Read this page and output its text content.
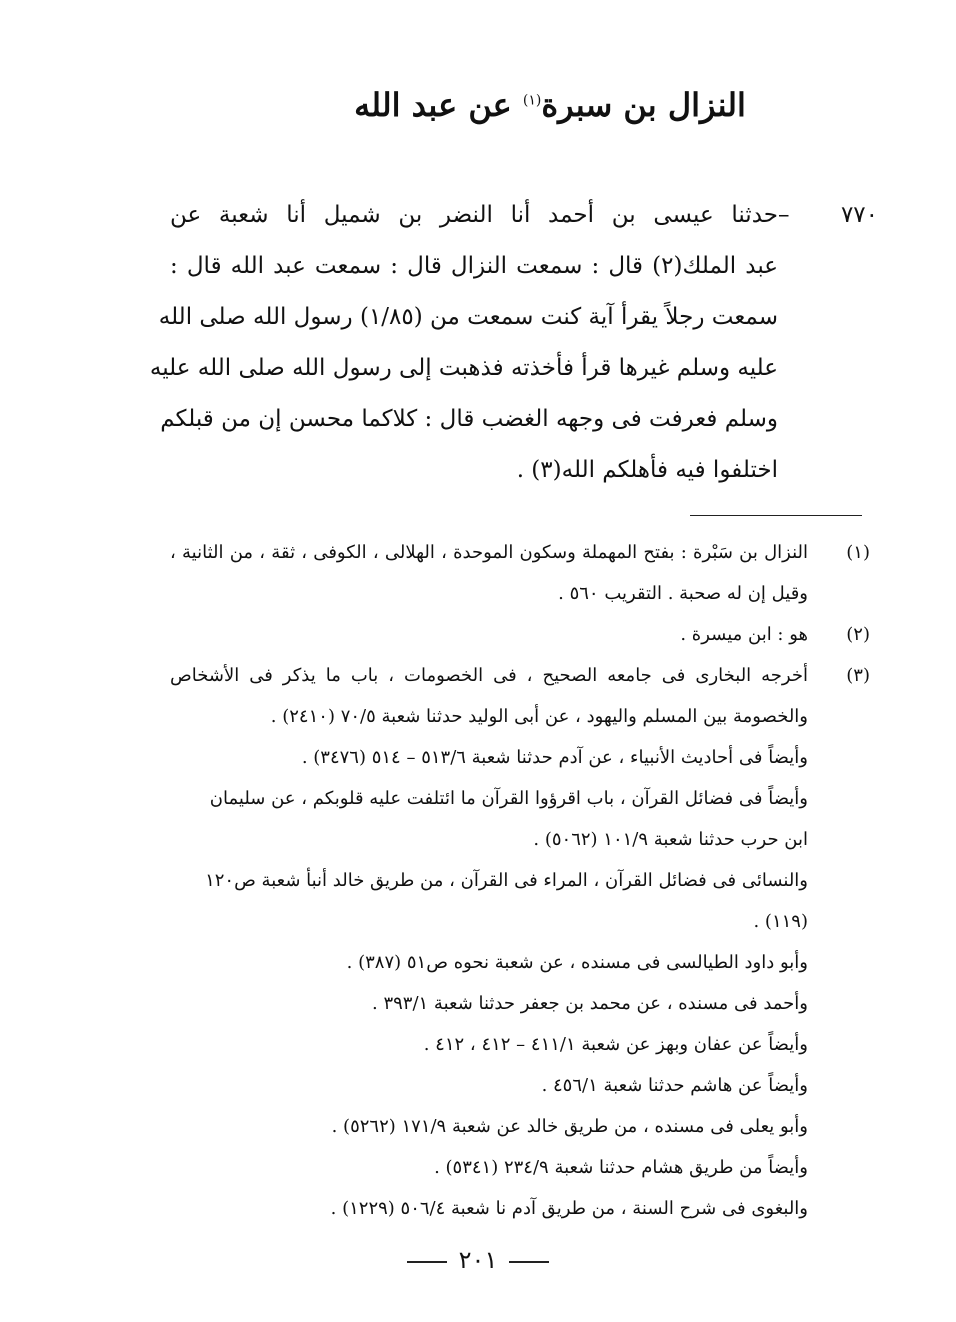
النزال بن سبرة$^{(١)}$ عن عبد الله
٧٧٠ –
حدثنا عيسى بن أحمد أنا النضر بن شميل أنا شعبة عن
عبد الملك(٢) قال : سمعت النزال قال : سمعت عبد الله قال :
سمعت رجلاً يقرأ آية كنت سمعت من (١/٨٥) رسول الله صلى الله
عليه وسلم غيرها قرأ فأخذته فذهبت إلى رسول الله صلى الله عليه
وسلم فعرفت فى وجهه الغضب قال : كلاكما محسن إن من قبلكم
اختلفوا فيه فأهلكم الله(٣) .
(١)النزال بن سَبْرة : بفتح المهملة وسكون الموحدة ، الهلالى ، الكوفى ، ثقة ، من الثانية ،
وقيل إن له صحبة . التقريب ٥٦٠ .
(٢)هو : ابن ميسرة .
(٣)أخرجه البخارى فى جامعه الصحيح ، فى الخصومات ، باب ما يذكر فى الأشخاص
والخصومة بين المسلم واليهود ، عن أبى الوليد حدثنا شعبة ٧٠/٥ (٢٤١٠) .
وأيضاً فى أحاديث الأنبياء ، عن آدم حدثنا شعبة ٥١٣/٦ – ٥١٤ (٣٤٧٦) .
وأيضاً فى فضائل القرآن ، باب اقرؤوا القرآن ما ائتلفت عليه قلوبكم ، عن سليمان
ابن حرب حدثنا شعبة ١٠١/٩ (٥٠٦٢) .
والنسائى فى فضائل القرآن ، المراء فى القرآن ، من طريق خالد أنبأ شعبة ص١٢٠
(١١٩) .
وأبو داود الطيالسى فى مسنده ، عن شعبة نحوه ص٥١ (٣٨٧) .
وأحمد فى مسنده ، عن محمد بن جعفر حدثنا شعبة ٣٩٣/١ .
وأيضاً عن عفان وبهز عن شعبة ٤١١/١ – ٤١٢ ، ٤١٢ .
وأيضاً عن هاشم حدثنا شعبة ٤٥٦/١ .
وأبو يعلى فى مسنده ، من طريق خالد عن شعبة ١٧١/٩ (٥٢٦٢) .
وأيضاً من طريق هشام حدثنا شعبة ٢٣٤/٩ (٥٣٤١) .
والبغوى فى شرح السنة ، من طريق آدم نا شعبة ٥٠٦/٤ (١٢٢٩) .
٢٠١
